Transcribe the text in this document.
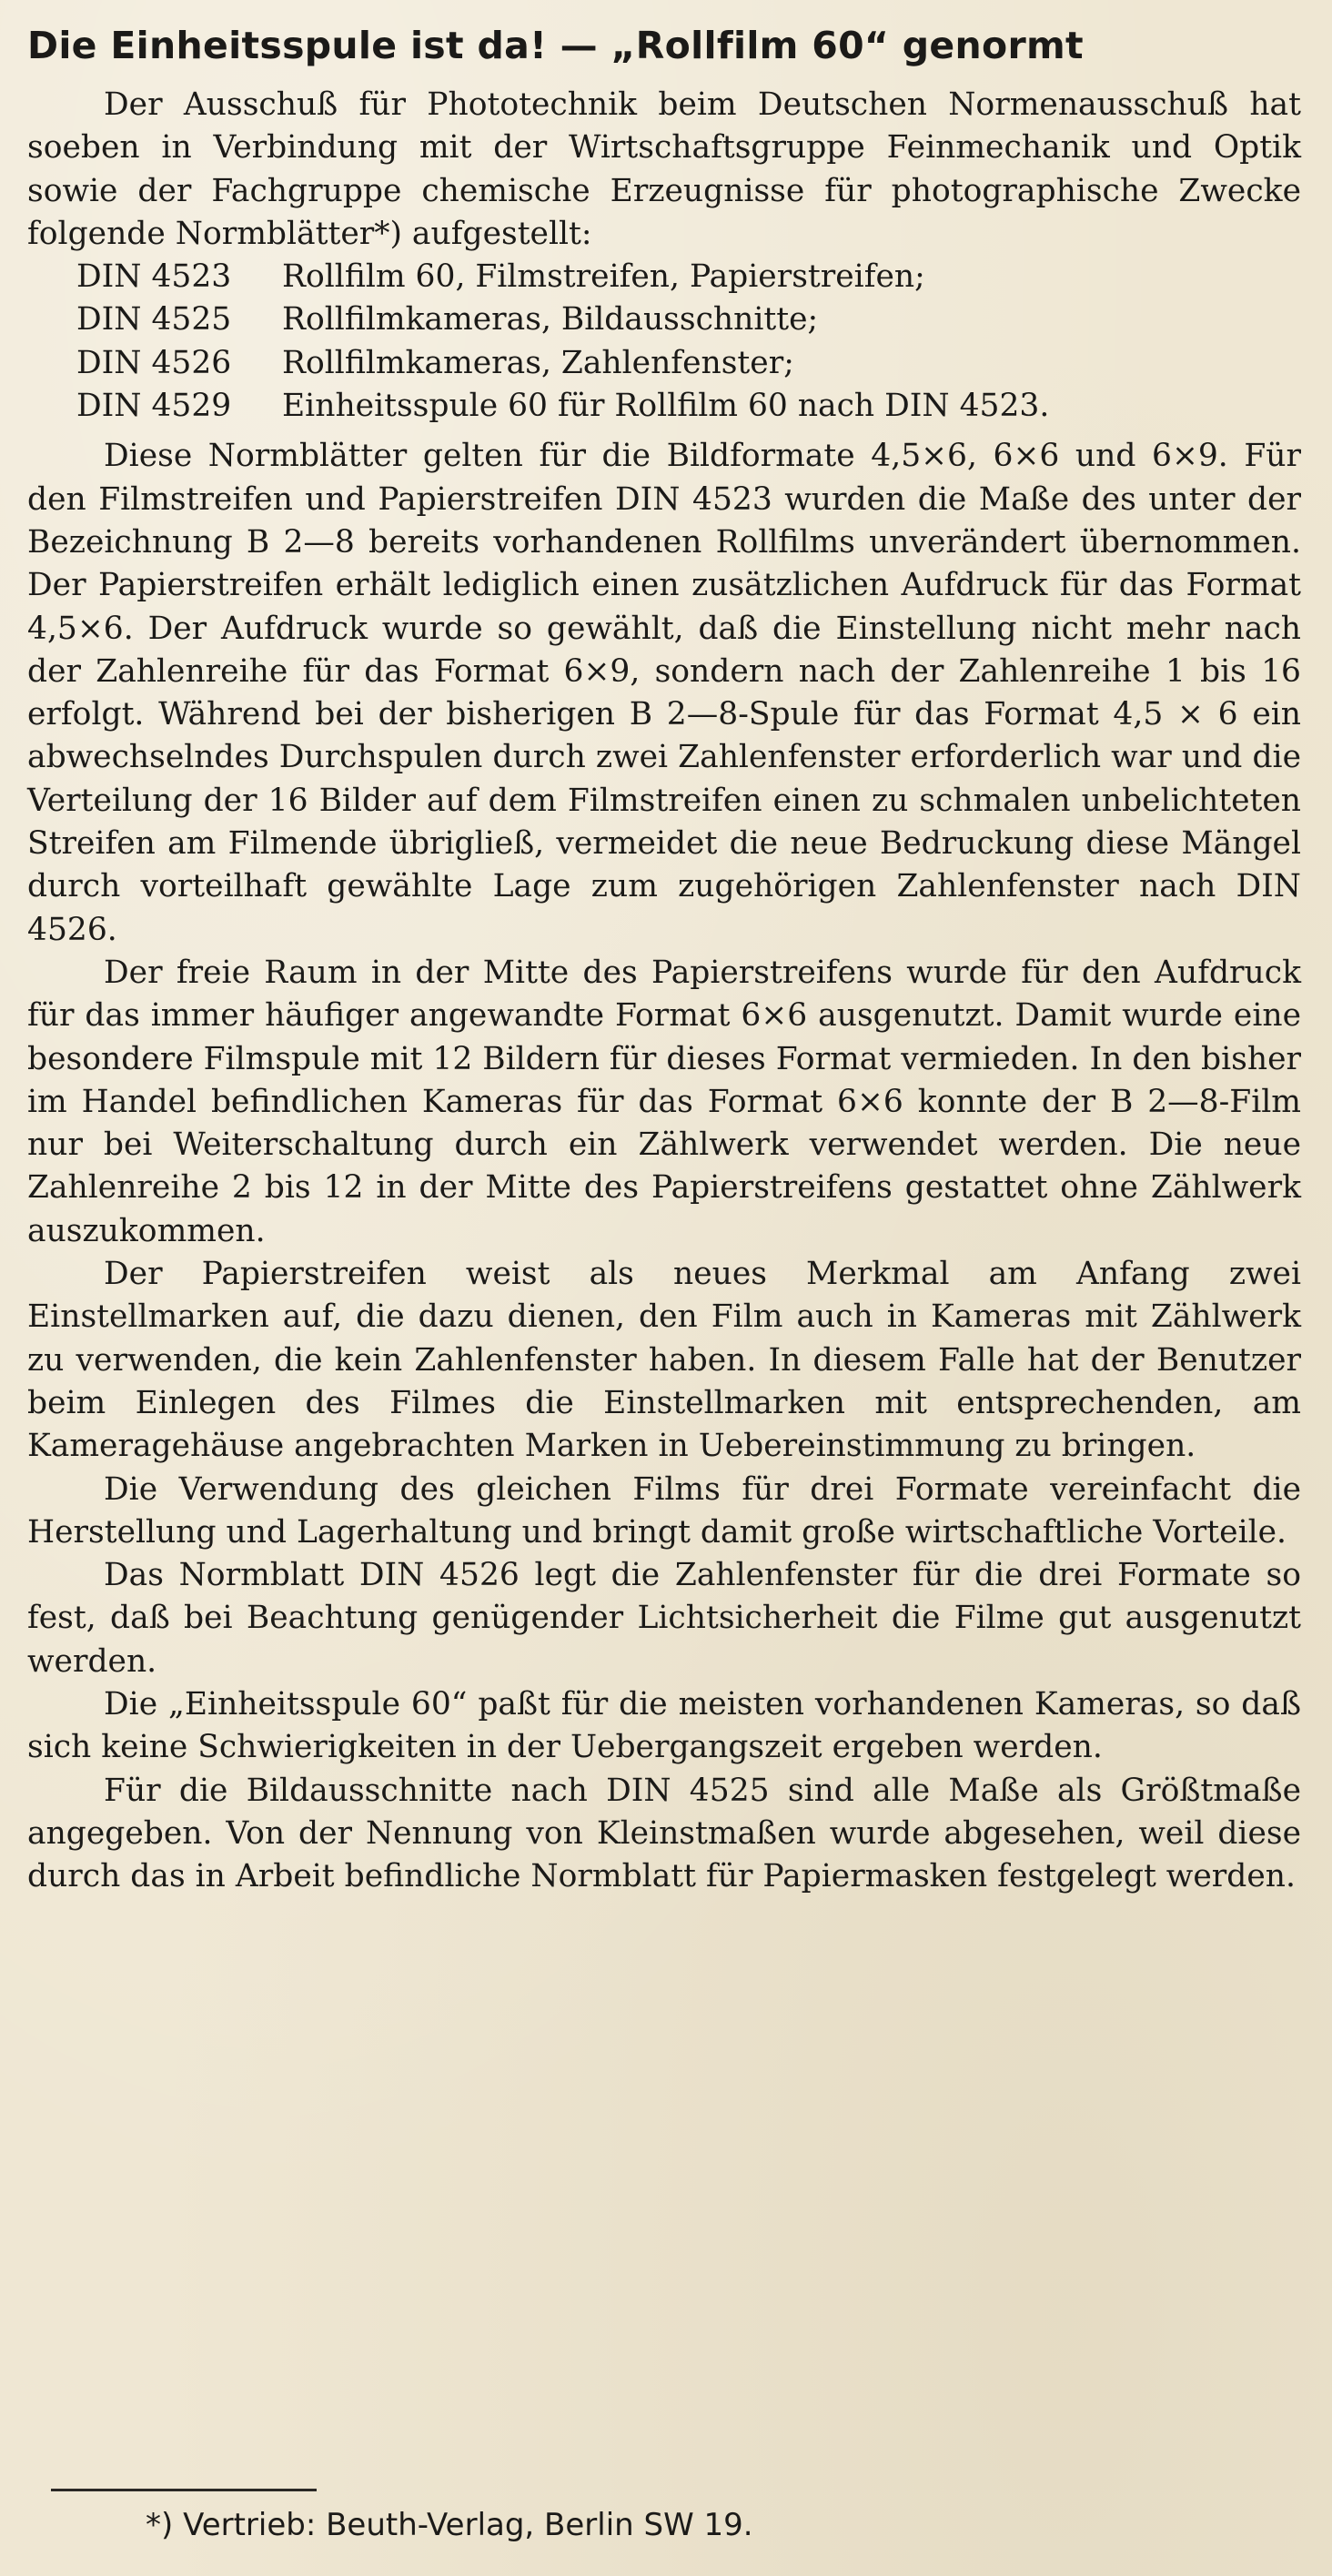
Die Einheitsspule ist da! — „Rollfilm 60“ genormt

Der Ausschuß für Phototechnik beim Deutschen Normenausschuß hat soeben in Verbindung mit der Wirtschaftsgruppe Feinmechanik und Optik sowie der Fachgruppe chemische Erzeugnisse für photographische Zwecke folgende Normblätter*) aufgestellt:

DIN 4523 Rollfilm 60, Filmstreifen, Papierstreifen;
DIN 4525 Rollfilmkameras, Bildausschnitte;
DIN 4526 Rollfilmkameras, Zahlenfenster;
DIN 4529 Einheitsspule 60 für Rollfilm 60 nach DIN 4523.

Diese Normblätter gelten für die Bildformate 4,5×6, 6×6 und 6×9. Für den Filmstreifen und Papierstreifen DIN 4523 wurden die Maße des unter der Bezeichnung B 2—8 bereits vorhandenen Rollfilms unverändert übernommen. Der Papierstreifen erhält lediglich einen zusätzlichen Aufdruck für das Format 4,5×6. Der Aufdruck wurde so gewählt, daß die Einstellung nicht mehr nach der Zahlenreihe für das Format 6×9, sondern nach der Zahlenreihe 1 bis 16 erfolgt. Während bei der bisherigen B 2—8-Spule für das Format 4,5 × 6 ein abwechselndes Durchspulen durch zwei Zahlenfenster erforderlich war und die Verteilung der 16 Bilder auf dem Filmstreifen einen zu schmalen unbelichteten Streifen am Filmende übrigließ, vermeidet die neue Bedruckung diese Mängel durch vorteilhaft gewählte Lage zum zugehörigen Zahlenfenster nach DIN 4526.

Der freie Raum in der Mitte des Papierstreifens wurde für den Aufdruck für das immer häufiger angewandte Format 6×6 ausgenutzt. Damit wurde eine besondere Filmspule mit 12 Bildern für dieses Format vermieden. In den bisher im Handel befindlichen Kameras für das Format 6×6 konnte der B 2—8-Film nur bei Weiterschaltung durch ein Zählwerk verwendet werden. Die neue Zahlenreihe 2 bis 12 in der Mitte des Papierstreifens gestattet ohne Zählwerk auszukommen.

Der Papierstreifen weist als neues Merkmal am Anfang zwei Einstellmarken auf, die dazu dienen, den Film auch in Kameras mit Zählwerk zu verwenden, die kein Zahlenfenster haben. In diesem Falle hat der Benutzer beim Einlegen des Filmes die Einstellmarken mit entsprechenden, am Kameragehäuse angebrachten Marken in Uebereinstimmung zu bringen.

Die Verwendung des gleichen Films für drei Formate vereinfacht die Herstellung und Lagerhaltung und bringt damit große wirtschaftliche Vorteile.

Das Normblatt DIN 4526 legt die Zahlenfenster für die drei Formate so fest, daß bei Beachtung genügender Lichtsicherheit die Filme gut ausgenutzt werden.

Die „Einheitsspule 60“ paßt für die meisten vorhandenen Kameras, so daß sich keine Schwierigkeiten in der Uebergangszeit ergeben werden.

Für die Bildausschnitte nach DIN 4525 sind alle Maße als Größtmaße angegeben. Von der Nennung von Kleinstmaßen wurde abgesehen, weil diese durch das in Arbeit befindliche Normblatt für Papiermasken festgelegt werden.

*) Vertrieb: Beuth-Verlag, Berlin SW 19.
